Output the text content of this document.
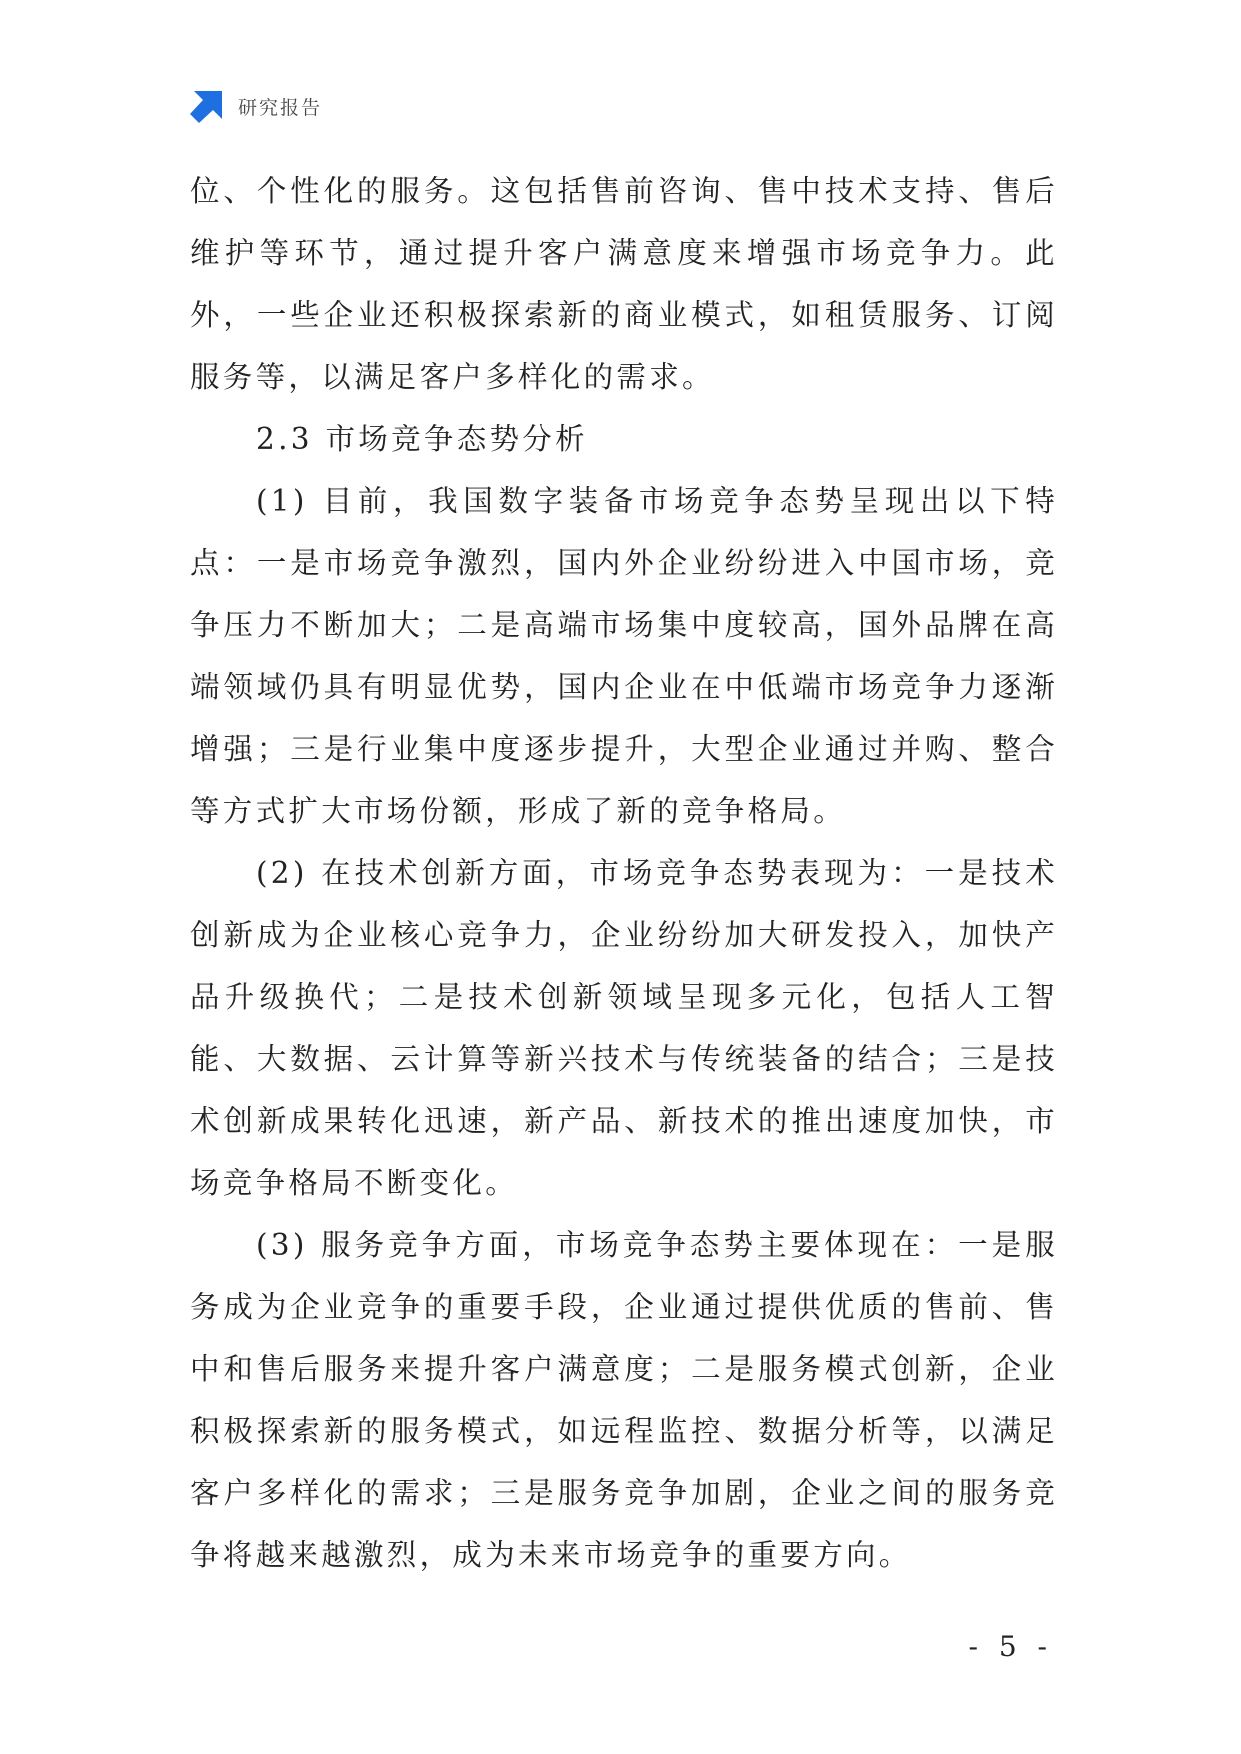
研究报告

位、个性化的服务。这包括售前咨询、售中技术支持、售后维护等环节，通过提升客户满意度来增强市场竞争力。此外，一些企业还积极探索新的商业模式，如租赁服务、订阅服务等，以满足客户多样化的需求。

2.3 市场竞争态势分析

(1) 目前，我国数字装备市场竞争态势呈现出以下特点：一是市场竞争激烈，国内外企业纷纷进入中国市场，竞争压力不断加大；二是高端市场集中度较高，国外品牌在高端领域仍具有明显优势，国内企业在中低端市场竞争力逐渐增强；三是行业集中度逐步提升，大型企业通过并购、整合等方式扩大市场份额，形成了新的竞争格局。

(2) 在技术创新方面，市场竞争态势表现为：一是技术创新成为企业核心竞争力，企业纷纷加大研发投入，加快产品升级换代；二是技术创新领域呈现多元化，包括人工智能、大数据、云计算等新兴技术与传统装备的结合；三是技术创新成果转化迅速，新产品、新技术的推出速度加快，市场竞争格局不断变化。

(3) 服务竞争方面，市场竞争态势主要体现在：一是服务成为企业竞争的重要手段，企业通过提供优质的售前、售中和售后服务来提升客户满意度；二是服务模式创新，企业积极探索新的服务模式，如远程监控、数据分析等，以满足客户多样化的需求；三是服务竞争加剧，企业之间的服务竞争将越来越激烈，成为未来市场竞争的重要方向。

- 5 -
